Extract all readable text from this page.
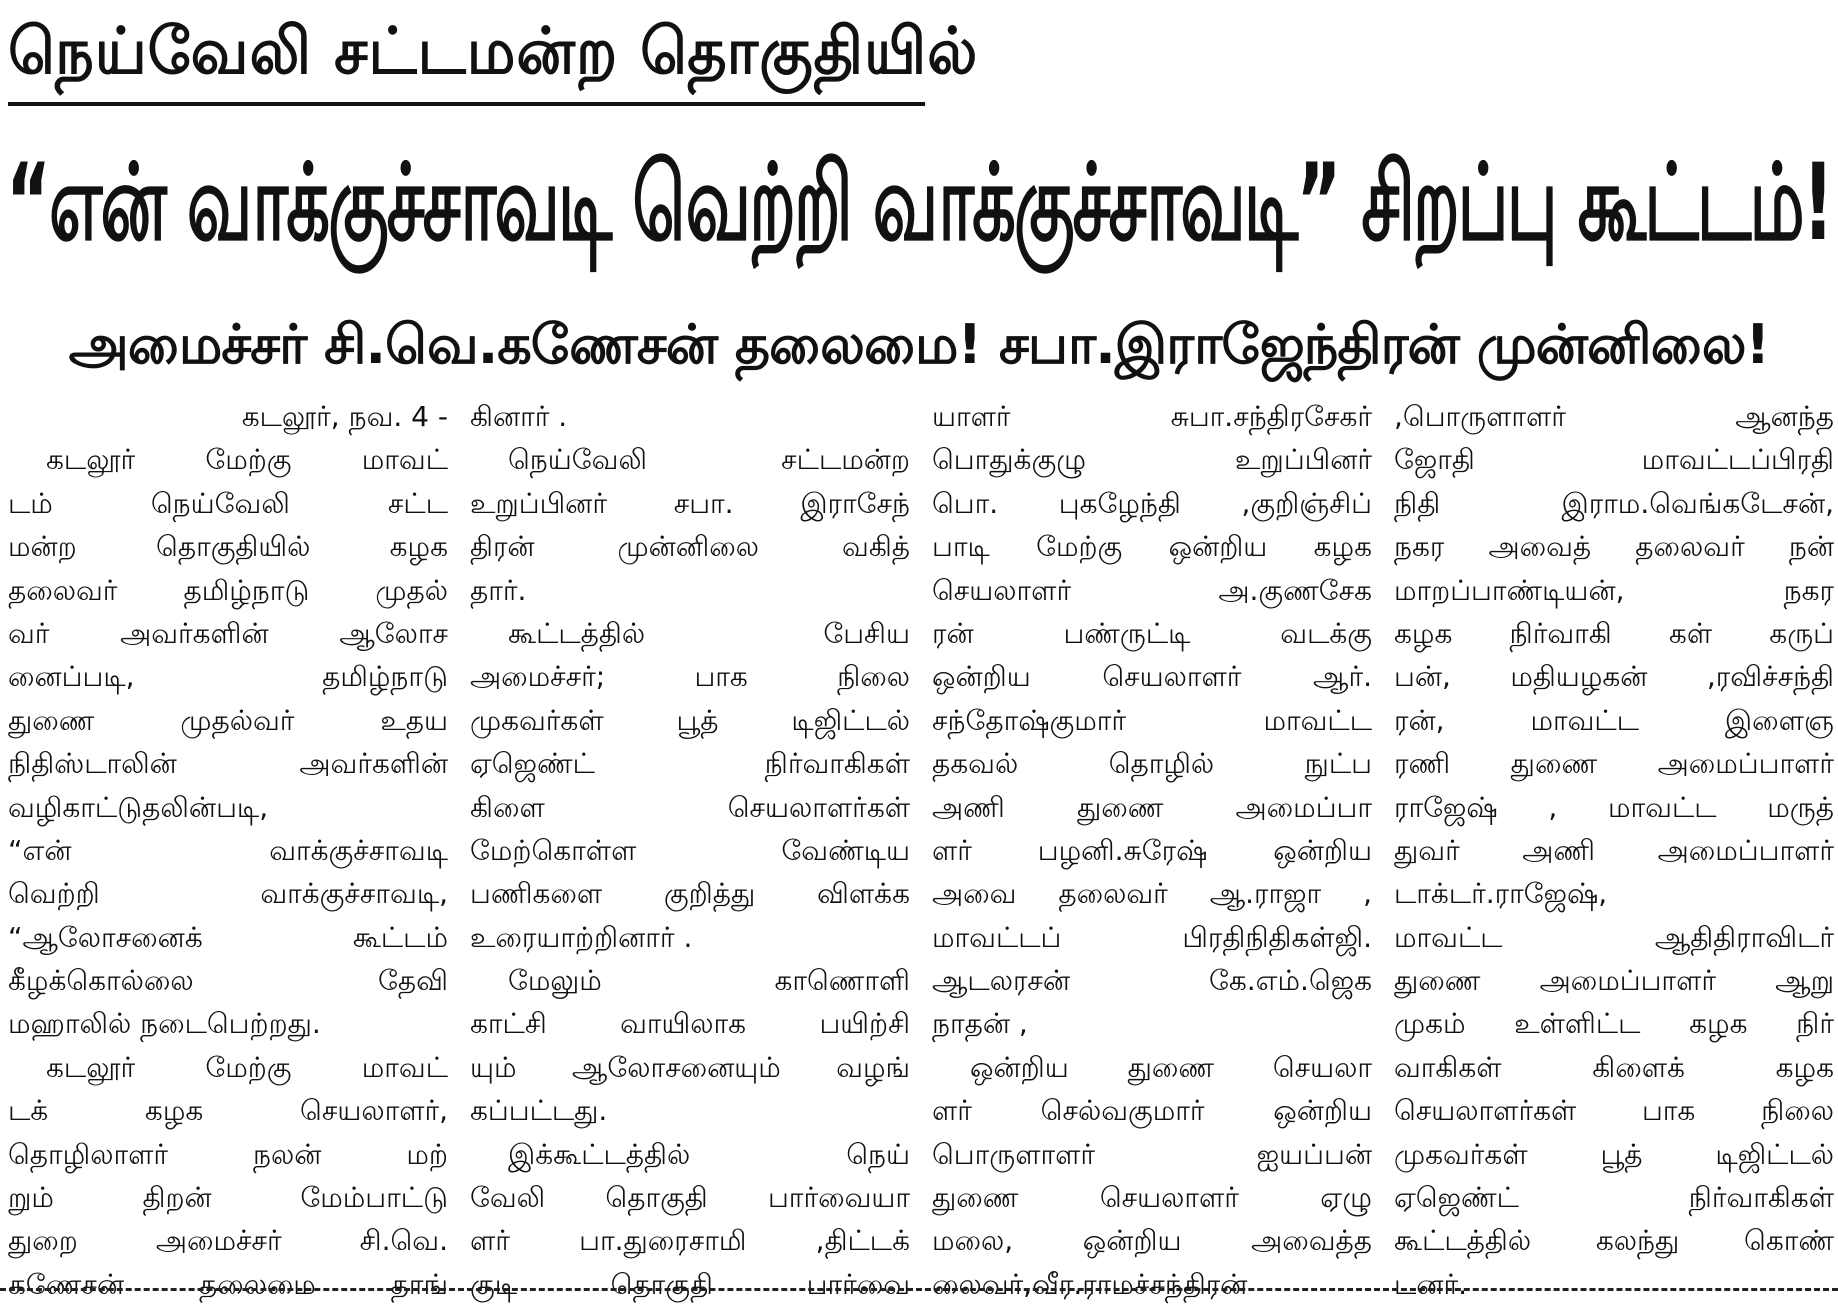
நெய்வேலி சட்டமன்ற தொகுதியில்
“என் வாக்குச்சாவடி வெற்றி வாக்குச்சாவடி” சிறப்பு கூட்டம்!
அமைச்சர் சி.வெ.கணேசன் தலைமை! சபா.இராஜேந்திரன் முன்னிலை!
கடலூர், நவ. 4 -
கடலூர் மேற்கு மாவட்
டம் நெய்வேலி சட்ட
மன்ற தொகுதியில் கழக
தலைவர் தமிழ்நாடு முதல்
வர் அவர்களின் ஆலோச
னைப்படி, தமிழ்நாடு
துணை முதல்வர் உதய
நிதிஸ்டாலின் அவர்களின்
வழிகாட்டுதலின்படி,
“என் வாக்குச்சாவடி
வெற்றி வாக்குச்சாவடி,
“ஆலோசனைக் கூட்டம்
கீழக்கொல்லை தேவி
மஹாலில் நடைபெற்றது.
கடலூர் மேற்கு மாவட்
டக் கழக செயலாளர்,
தொழிலாளர் நலன் மற்
றும் திறன் மேம்பாட்டு
துறை அமைச்சர் சி.வெ.
கணேசன் தலைமை தாங்
கினார் .
நெய்வேலி சட்டமன்ற
உறுப்பினர் சபா. இராசேந்
திரன் முன்னிலை வகித்
தார்.
கூட்டத்தில் பேசிய
அமைச்சர்; பாக நிலை
முகவர்கள் பூத் டிஜிட்டல்
ஏஜெண்ட் நிர்வாகிகள்
கிளை செயலாளர்கள்
மேற்கொள்ள வேண்டிய
பணிகளை குறித்து விளக்க
உரையாற்றினார் .
மேலும் காணொளி
காட்சி வாயிலாக பயிற்சி
யும் ஆலோசனையும் வழங்
கப்பட்டது.
இக்கூட்டத்தில் நெய்
வேலி தொகுதி பார்வையா
ளர் பா.துரைசாமி ,திட்டக்
குடி தொகுதி பார்வை
யாளர் சுபா.சந்திரசேகர்
பொதுக்குழு உறுப்பினர்
பொ. புகழேந்தி ,குறிஞ்சிப்
பாடி மேற்கு ஒன்றிய கழக
செயலாளர் அ.குணசேக
ரன் பண்ருட்டி வடக்கு
ஒன்றிய செயலாளர் ஆர்.
சந்தோஷ்குமார் மாவட்ட
தகவல் தொழில் நுட்ப
அணி துணை அமைப்பா
ளர் பழனி.சுரேஷ் ஒன்றிய
அவை தலைவர் ஆ.ராஜா ,
மாவட்டப் பிரதிநிதிகள்ஜி.
ஆடலரசன் கே.எம்.ஜெக
நாதன் ,
ஒன்றிய துணை செயலா
ளர் செல்வகுமார் ஒன்றிய
பொருளாளர் ஐயப்பன்
துணை செயலாளர் ஏழு
மலை, ஒன்றிய அவைத்த
லைவர்,வீர.ராமச்சந்திரன்
,பொருளாளர் ஆனந்த
ஜோதி மாவட்டப்பிரதி
நிதி இராம.வெங்கடேசன்,
நகர அவைத் தலைவர் நன்
மாறப்பாண்டியன், நகர
கழக நிர்வாகி கள் கருப்
பன், மதியழகன் ,ரவிச்சந்தி
ரன், மாவட்ட இளைஞ
ரணி துணை அமைப்பாளர்
ராஜேஷ் , மாவட்ட மருத்
துவர் அணி அமைப்பாளர்
டாக்டர்.ராஜேஷ்,
மாவட்ட ஆதிதிராவிடர்
துணை அமைப்பாளர் ஆறு
முகம் உள்ளிட்ட கழக நிர்
வாகிகள் கிளைக் கழக
செயலாளர்கள் பாக நிலை
முகவர்கள் பூத் டிஜிட்டல்
ஏஜெண்ட் நிர்வாகிகள்
கூட்டத்தில் கலந்து கொண்
டனர்.
